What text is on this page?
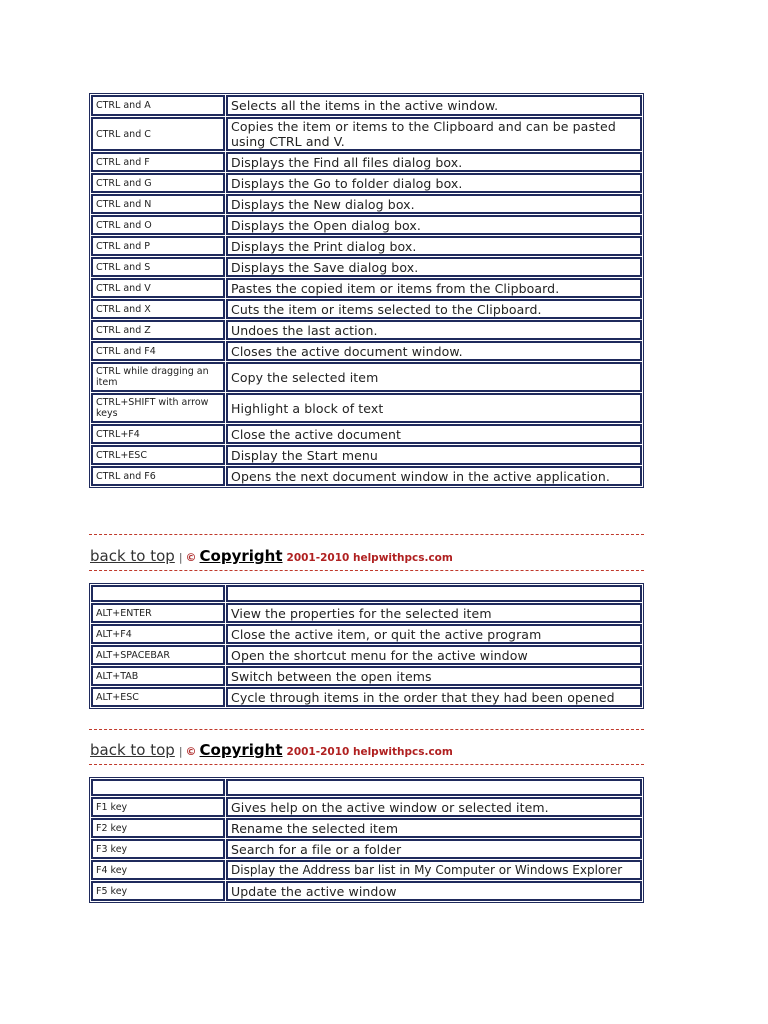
CTRL and A	Selects all the items in the active window.
CTRL and C	Copies the item or items to the Clipboard and can be pasted using CTRL and V.
CTRL and F	Displays the Find all files dialog box.
CTRL and G	Displays the Go to folder dialog box.
CTRL and N	Displays the New dialog box.
CTRL and O	Displays the Open dialog box.
CTRL and P	Displays the Print dialog box.
CTRL and S	Displays the Save dialog box.
CTRL and V	Pastes the copied item or items from the Clipboard.
CTRL and X	Cuts the item or items selected to the Clipboard.
CTRL and Z	Undoes the last action.
CTRL and F4	Closes the active document window.
CTRL while dragging an item	Copy the selected item
CTRL+SHIFT with arrow keys	Highlight a block of text
CTRL+F4	Close the active document
CTRL+ESC	Display the Start menu
CTRL and F6	Opens the next document window in the active application.
back to top | © Copyright 2001-2010 helpwithpcs.com

ALT+ENTER	View the properties for the selected item
ALT+F4	Close the active item, or quit the active program
ALT+SPACEBAR	Open the shortcut menu for the active window
ALT+TAB	Switch between the open items
ALT+ESC	Cycle through items in the order that they had been opened
back to top | © Copyright 2001-2010 helpwithpcs.com

F1 key	Gives help on the active window or selected item.
F2 key	Rename the selected item
F3 key	Search for a file or a folder
F4 key	Display the Address bar list in My Computer or Windows Explorer
F5 key	Update the active window
